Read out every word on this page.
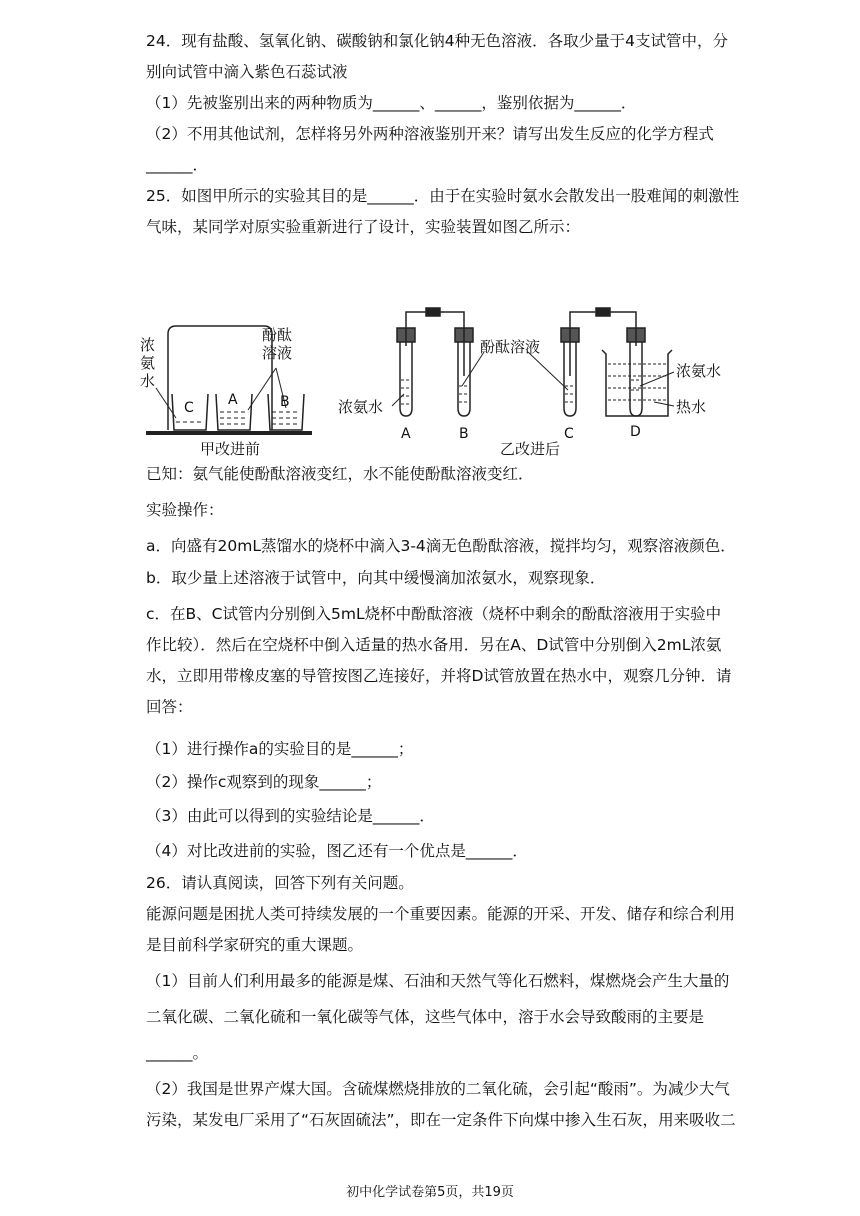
24．现有盐酸、氢氧化钠、碳酸钠和氯化钠4种无色溶液．各取少量于4支试管中，分
别向试管中滴入紫色石蕊试液
（1）先被鉴别出来的两种物质为______、______，鉴别依据为______．
（2）不用其他试剂，怎样将另外两种溶液鉴别开来？请写出发生反应的化学方程式
______．
25．如图甲所示的实验其目的是______．由于在实验时氨水会散发出一股难闻的刺激性
气味，某同学对原实验重新进行了设计，实验装置如图乙所示：
浓
氨
水
酚酞
溶液
C A	B
甲改进前
酚酞溶液
浓氨水
浓氨水
热水
A	B	C	D
乙改进后
已知：氨气能使酚酞溶液变红，水不能使酚酞溶液变红．
实验操作：
a．向盛有20mL蒸馏水的烧杯中滴入3-4滴无色酚酞溶液，搅拌均匀，观察溶液颜色．
b．取少量上述溶液于试管中，向其中缓慢滴加浓氨水，观察现象．
c．在B、C试管内分别倒入5mL烧杯中酚酞溶液（烧杯中剩余的酚酞溶液用于实验中
作比较）．然后在空烧杯中倒入适量的热水备用．另在A、D试管中分别倒入2mL浓氨
水，立即用带橡皮塞的导管按图乙连接好，并将D试管放置在热水中，观察几分钟．请
回答：
（1）进行操作a的实验目的是______；
（2）操作c观察到的现象______；
（3）由此可以得到的实验结论是______．
（4）对比改进前的实验，图乙还有一个优点是______．
26．请认真阅读，回答下列有关问题。
能源问题是困扰人类可持续发展的一个重要因素。能源的开采、开发、储存和综合利用
是目前科学家研究的重大课题。
（1）目前人们利用最多的能源是煤、石油和天然气等化石燃料，煤燃烧会产生大量的
二氧化碳、二氧化硫和一氧化碳等气体，这些气体中，溶于水会导致酸雨的主要是
______。
（2）我国是世界产煤大国。含硫煤燃烧排放的二氧化硫，会引起“酸雨”。为减少大气
污染，某发电厂采用了“石灰固硫法”，即在一定条件下向煤中掺入生石灰，用来吸收二
初中化学试卷第5页，共19页
